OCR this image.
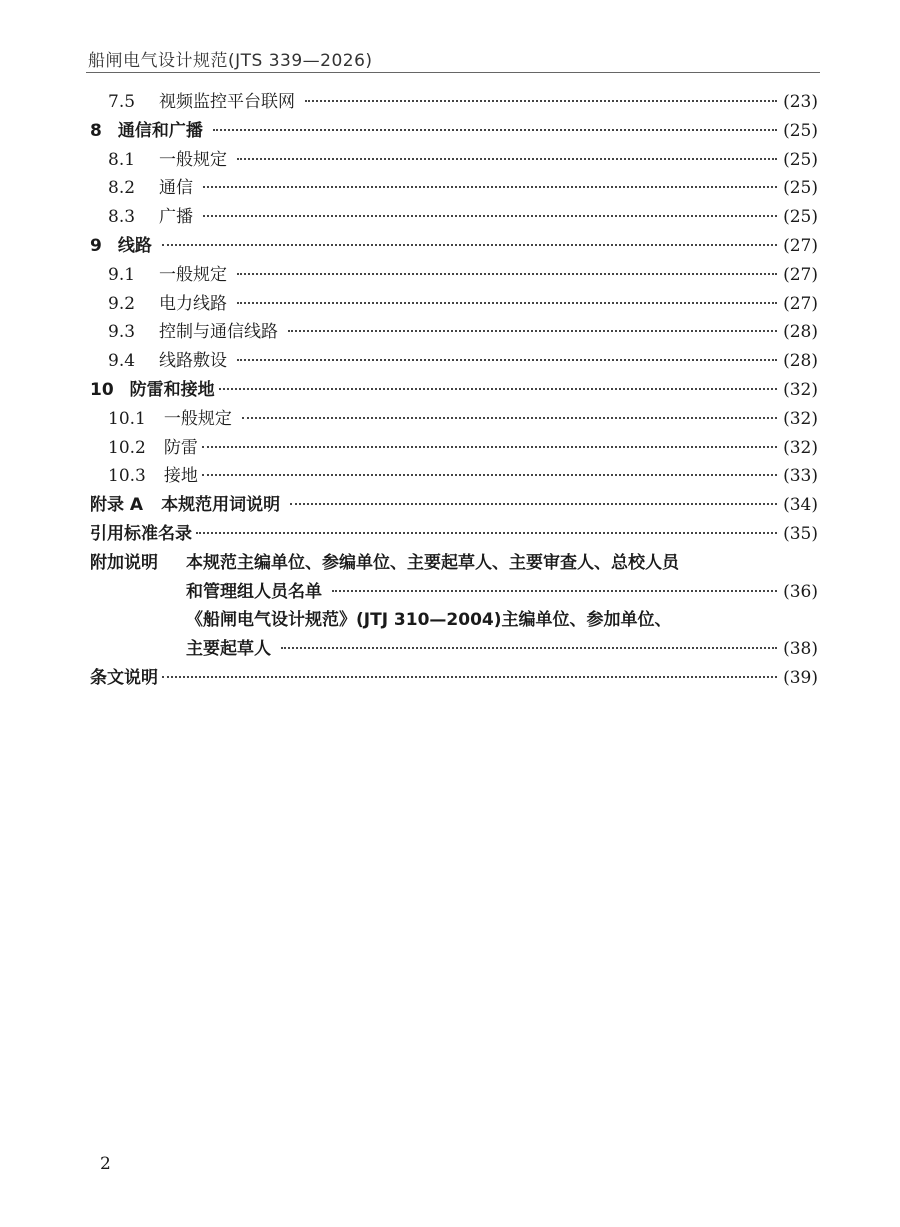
船闸电气设计规范(JTS 339—2026)
7.5 视频监控平台联网	(23)
8 通信和广播	(25)
8.1 一般规定	(25)
8.2 通信	(25)
8.3 广播	(25)
9 线路	(27)
9.1 一般规定	(27)
9.2 电力线路	(27)
9.3 控制与通信线路	(28)
9.4 线路敷设	(28)
10 防雷和接地	(32)
10.1 一般规定	(32)
10.2 防雷	(32)
10.3 接地	(33)
附录 A 本规范用词说明	(34)
引用标准名录	(35)
附加说明	本规范主编单位、参编单位、主要起草人、主要审查人、总校人员
和管理组人员名单	(36)
《船闸电气设计规范》(JTJ 310—2004)主编单位、参加单位、
主要起草人	(38)
条文说明	(39)
2
